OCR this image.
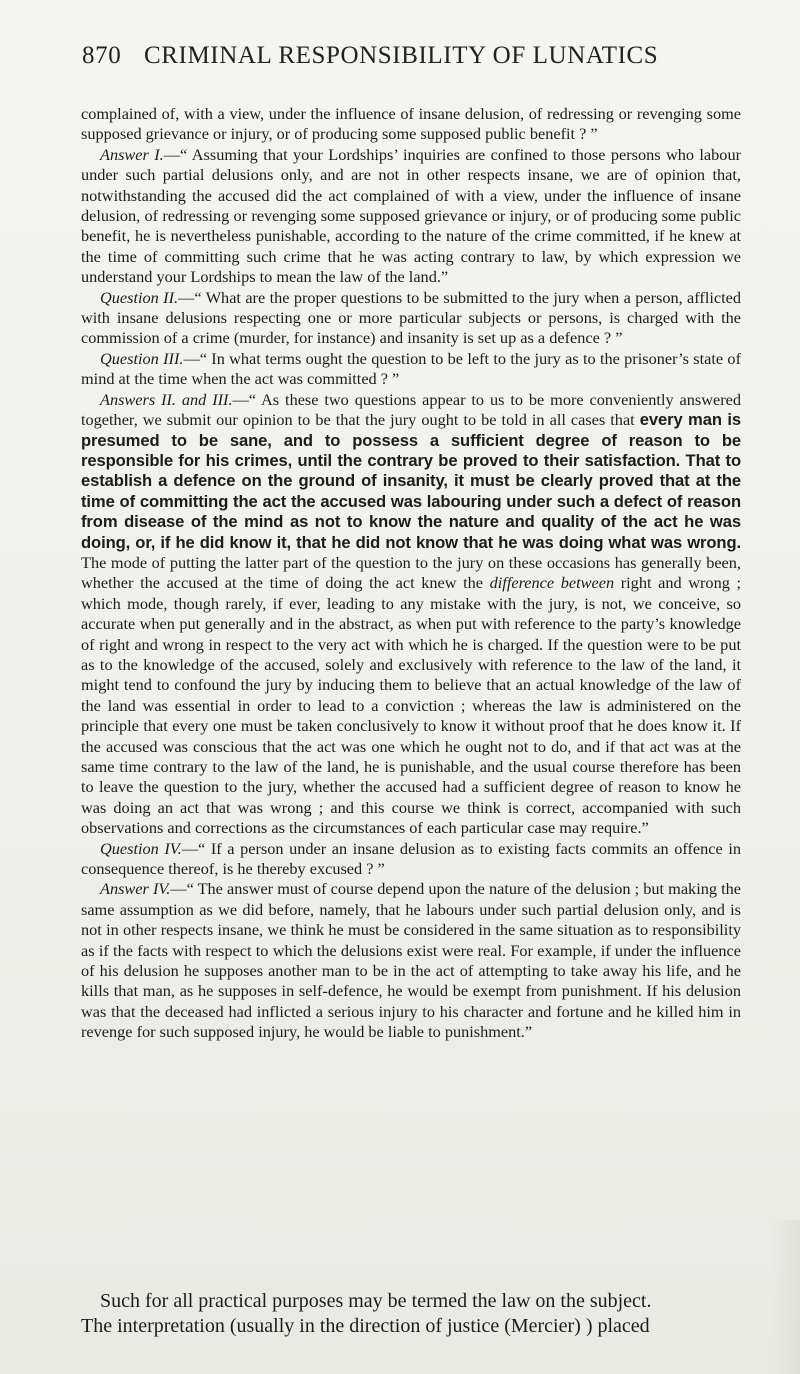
870 CRIMINAL RESPONSIBILITY OF LUNATICS

complained of, with a view, under the influence of insane delusion, of redressing or revenging some supposed grievance or injury, or of producing some supposed public benefit ? ”

Answer I.—“ Assuming that your Lordships’ inquiries are confined to those persons who labour under such partial delusions only, and are not in other respects insane, we are of opinion that, notwithstanding the accused did the act complained of with a view, under the influence of insane delusion, of redressing or revenging some supposed grievance or injury, or of producing some public benefit, he is nevertheless punishable, according to the nature of the crime committed, if he knew at the time of committing such crime that he was acting contrary to law, by which expression we understand your Lordships to mean the law of the land.”

Question II.—“ What are the proper questions to be submitted to the jury when a person, afflicted with insane delusions respecting one or more particular subjects or persons, is charged with the commission of a crime (murder, for instance) and insanity is set up as a defence ? ”

Question III.—“ In what terms ought the question to be left to the jury as to the prisoner’s state of mind at the time when the act was committed ? ”

Answers II. and III.—“ As these two questions appear to us to be more conveniently answered together, we submit our opinion to be that the jury ought to be told in all cases that every man is presumed to be sane, and to possess a sufficient degree of reason to be responsible for his crimes, until the contrary be proved to their satisfaction. That to establish a defence on the ground of insanity, it must be clearly proved that at the time of committing the act the accused was labouring under such a defect of reason from disease of the mind as not to know the nature and quality of the act he was doing, or, if he did know it, that he did not know that he was doing what was wrong. The mode of putting the latter part of the question to the jury on these occasions has generally been, whether the accused at the time of doing the act knew the difference between right and wrong ; which mode, though rarely, if ever, leading to any mistake with the jury, is not, we conceive, so accurate when put generally and in the abstract, as when put with reference to the party’s knowledge of right and wrong in respect to the very act with which he is charged. If the question were to be put as to the knowledge of the accused, solely and exclusively with reference to the law of the land, it might tend to confound the jury by inducing them to believe that an actual knowledge of the law of the land was essential in order to lead to a conviction ; whereas the law is administered on the principle that every one must be taken conclusively to know it without proof that he does know it. If the accused was conscious that the act was one which he ought not to do, and if that act was at the same time contrary to the law of the land, he is punishable, and the usual course therefore has been to leave the question to the jury, whether the accused had a sufficient degree of reason to know he was doing an act that was wrong ; and this course we think is correct, accompanied with such observations and corrections as the circumstances of each particular case may require.”

Question IV.—“ If a person under an insane delusion as to existing facts commits an offence in consequence thereof, is he thereby excused ? ”

Answer IV.—“ The answer must of course depend upon the nature of the delusion ; but making the same assumption as we did before, namely, that he labours under such partial delusion only, and is not in other respects insane, we think he must be considered in the same situation as to responsibility as if the facts with respect to which the delusions exist were real. For example, if under the influence of his delusion he supposes another man to be in the act of attempting to take away his life, and he kills that man, as he supposes in self-defence, he would be exempt from punishment. If his delusion was that the deceased had inflicted a serious injury to his character and fortune and he killed him in revenge for such supposed injury, he would be liable to punishment.”

Such for all practical purposes may be termed the law on the subject.

The interpretation (usually in the direction of justice (Mercier) ) placed
